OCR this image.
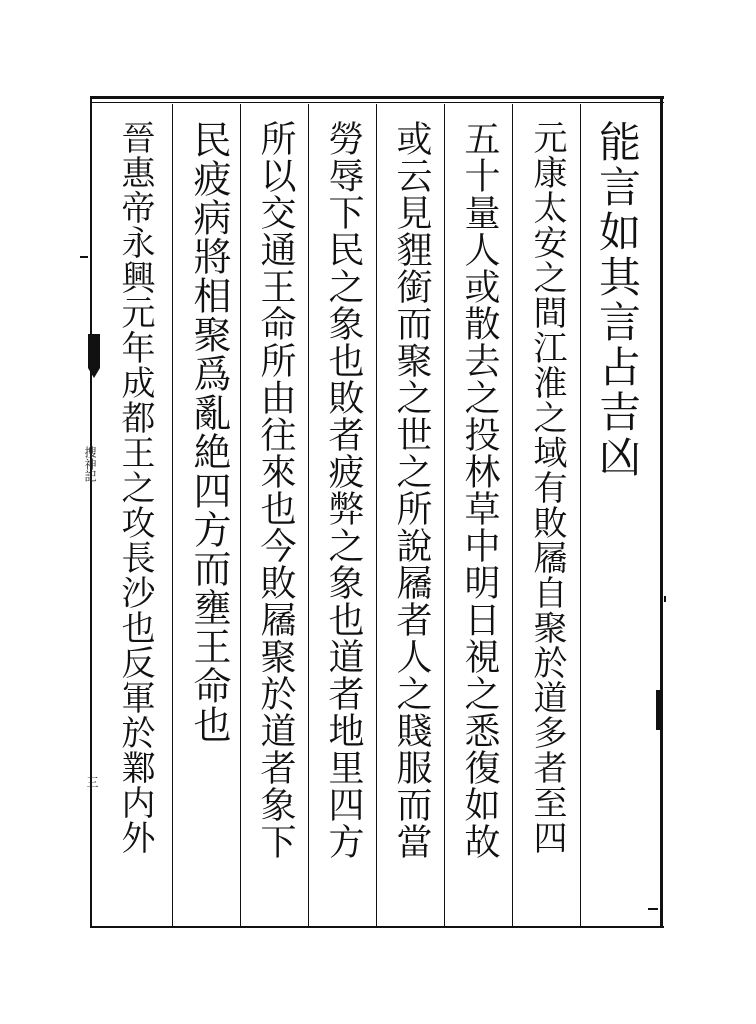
能言如其言占吉凶
元康太安之間江淮之域有敗屩自聚於道多者至四
五十量人或散去之投林草中明日視之悉復如故
或云見貍銜而聚之世之所說屩者人之賤服而當
勞辱下民之象也敗者疲弊之象也道者地里四方
所以交通王命所由往來也今敗屩聚於道者象下
民疲病將相聚爲亂絶四方而壅王命也
晉惠帝永興元年成都王之攻長沙也反軍於鄴内外
搜神記
三
